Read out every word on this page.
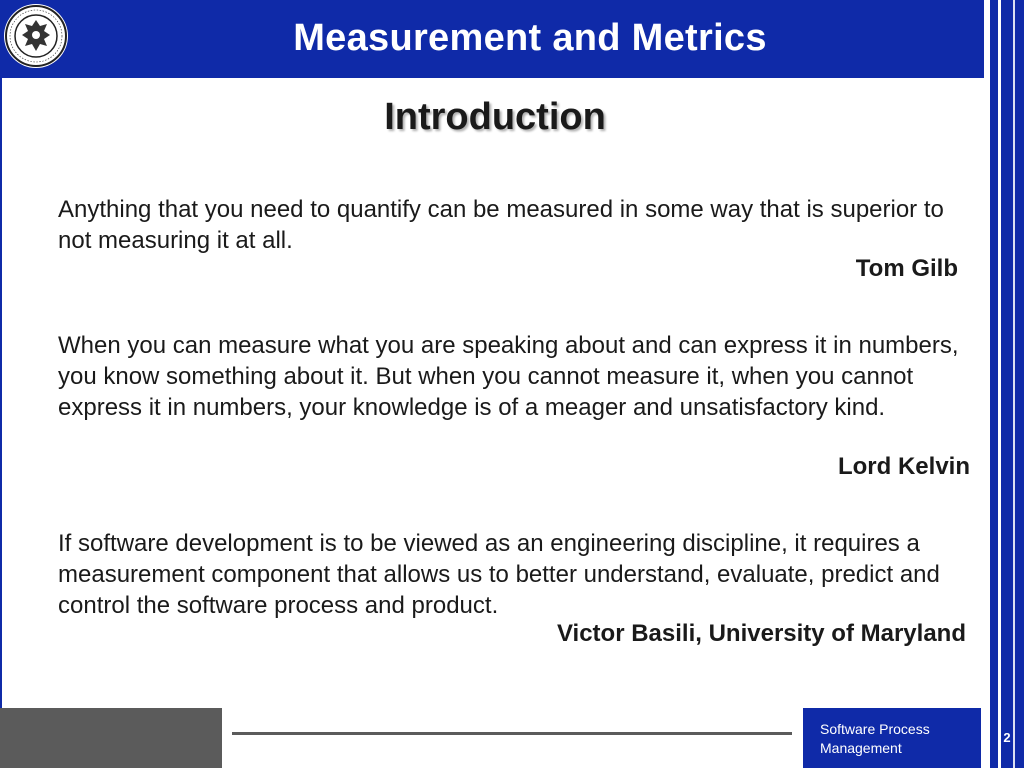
Measurement and Metrics
Introduction
Anything that you need to quantify can be measured in some way that is superior to not measuring it at all.
Tom Gilb
When you can measure what you are speaking about and can express it in numbers, you know something about it. But when you cannot measure it, when you cannot express it in numbers, your knowledge is of a meager and unsatisfactory kind.
Lord Kelvin
If software development is to be viewed as an engineering discipline, it requires a measurement component that allows us to better understand, evaluate, predict and control the software process and product.
Victor Basili, University of Maryland
Software Process Management
2
